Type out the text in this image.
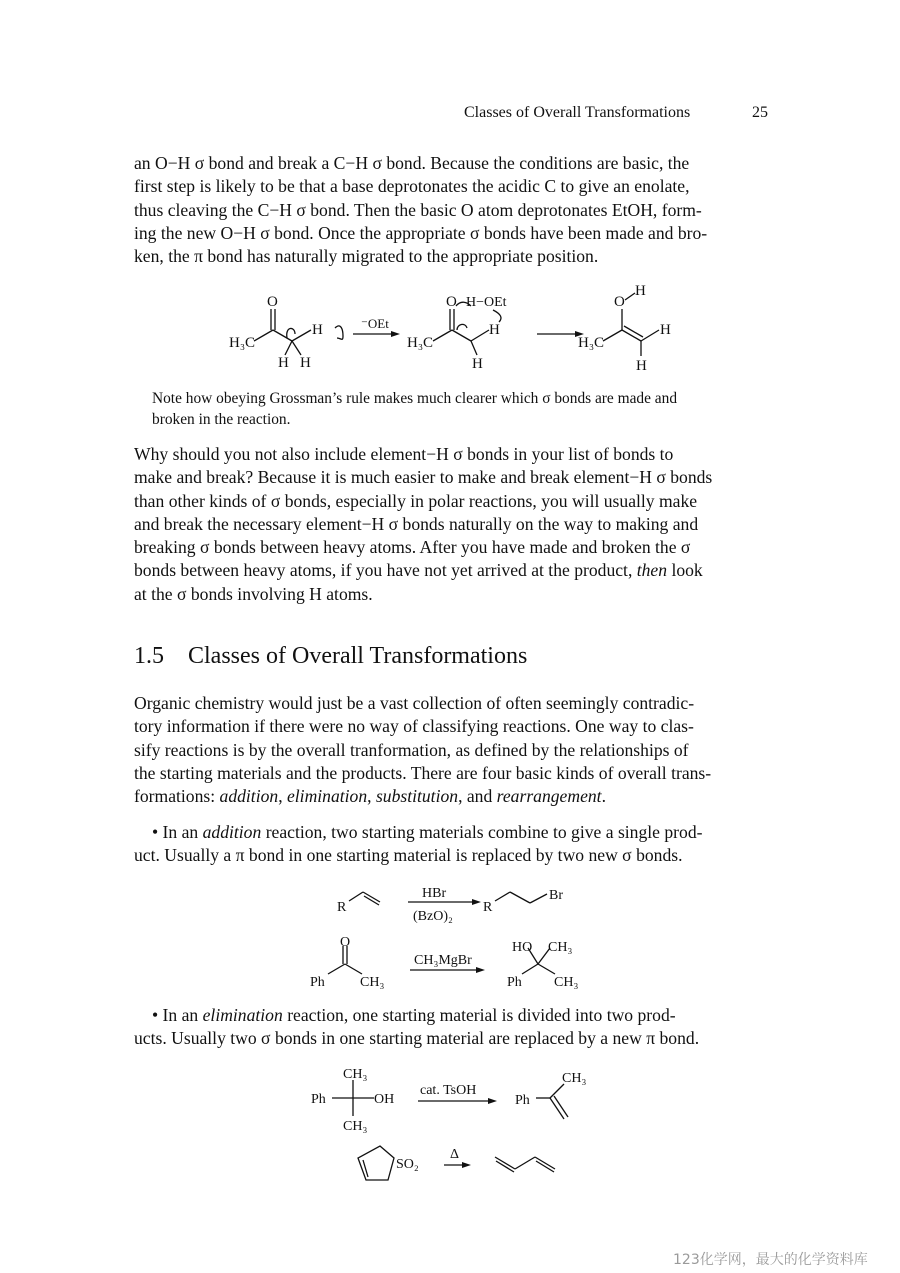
Classes of Overall Transformations	25

an O−H σ bond and break a C−H σ bond. Because the conditions are basic, the

first step is likely to be that a base deprotonates the acidic C to give an enolate,

thus cleaving the C−H σ bond. Then the basic O atom deprotonates EtOH, form-

ing the new O−H σ bond. Once the appropriate σ bonds have been made and bro-

ken, the π bond has naturally migrated to the appropriate position.

O
H₃C
H H
H	⁻OEt
O H−OEt
H₃C
H
H
O
H
H₃C
H
H
Note how obeying Grossman’s rule makes much clearer which σ bonds are made and
broken in the reaction.

Why should you not also include element−H σ bonds in your list of bonds to

make and break? Because it is much easier to make and break element−H σ bonds

than other kinds of σ bonds, especially in polar reactions, you will usually make

and break the necessary element−H σ bonds naturally on the way to making and

breaking σ bonds between heavy atoms. After you have made and broken the σ

bonds between heavy atoms, if you have not yet arrived at the product, then look

at the σ bonds involving H atoms.

1.5 Classes of Overall Transformations

Organic chemistry would just be a vast collection of often seemingly contradic-

tory information if there were no way of classifying reactions. One way to clas-

sify reactions is by the overall tranformation, as defined by the relationships of

the starting materials and the products. There are four basic kinds of overall trans-

formations: addition, elimination, substitution, and rearrangement.

• In an addition reaction, two starting materials combine to give a single prod-

uct. Usually a π bond in one starting material is replaced by two new σ bonds.

R
HBr
(BzO)₂
R
Br
O
Ph	CH₃
CH₃MgBr
HO CH₃
Ph CH₃

• In an elimination reaction, one starting material is divided into two prod-

ucts. Usually two σ bonds in one starting material are replaced by a new π bond.

CH₃
Ph	OH
CH₃
cat. TsOH
Ph
CH₃
SO₂
Δ
123化学网，最大的化学资料库
